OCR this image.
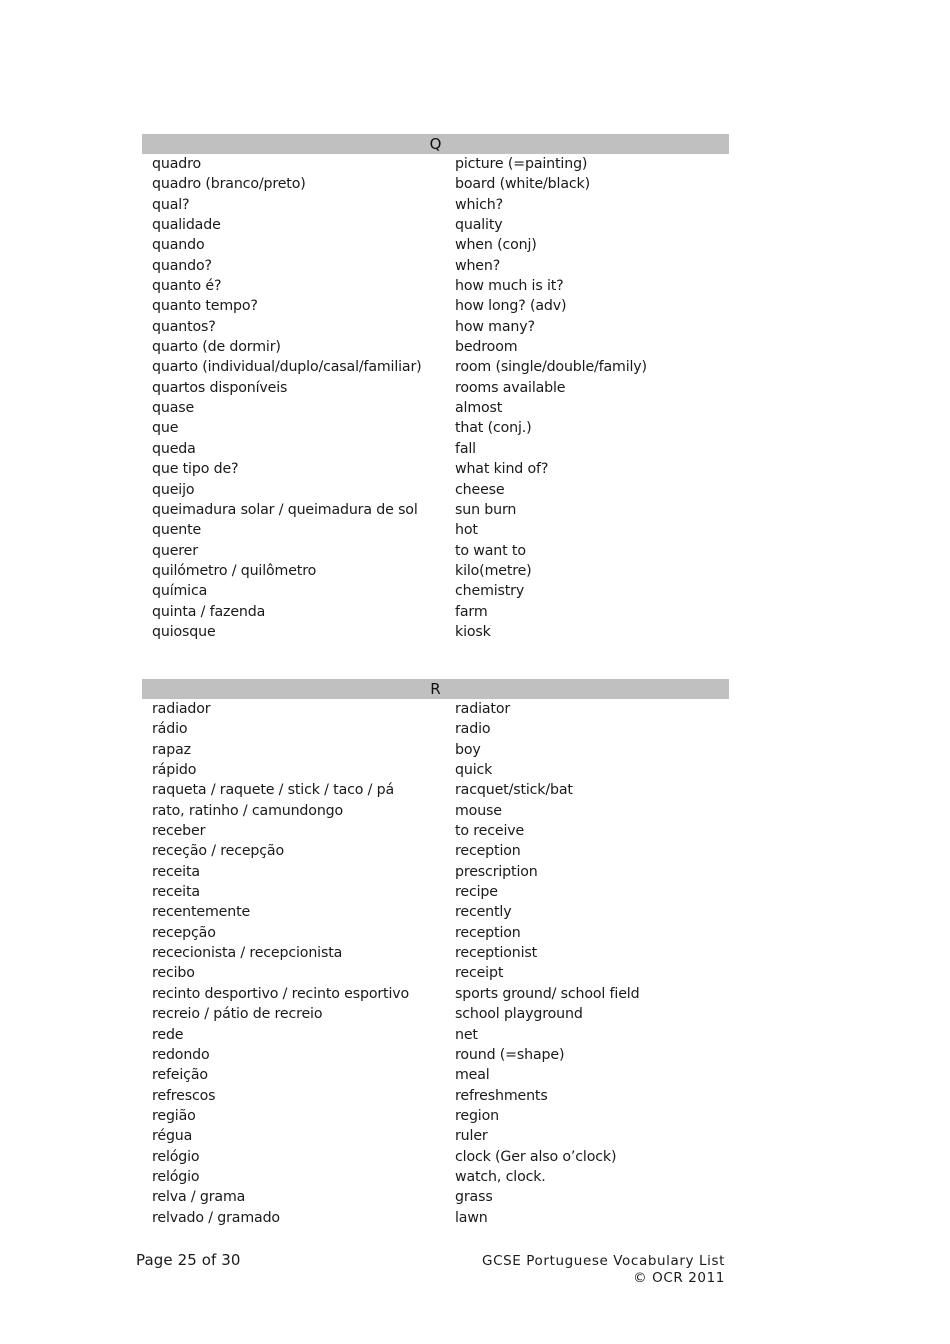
Q
quadro	picture (=painting)
quadro (branco/preto)	board (white/black)
qual?	which?
qualidade	quality
quando	when (conj)
quando?	when?
quanto é?	how much is it?
quanto tempo?	how long? (adv)
quantos?	how many?
quarto (de dormir)	bedroom
quarto (individual/duplo/casal/familiar)	room (single/double/family)
quartos disponíveis	rooms available
quase	almost
que	that (conj.)
queda	fall
que tipo de?	what kind of?
queijo	cheese
queimadura solar / queimadura de sol	sun burn
quente	hot
querer	to want to
quilómetro / quilômetro	kilo(metre)
química	chemistry
quinta / fazenda	farm
quiosque	kiosk
R
radiador	radiator
rádio	radio
rapaz	boy
rápido	quick
raqueta / raquete / stick / taco / pá	racquet/stick/bat
rato, ratinho / camundongo	mouse
receber	to receive
receção / recepção	reception
receita	prescription
receita	recipe
recentemente	recently
recepção	reception
rececionista / recepcionista	receptionist
recibo	receipt
recinto desportivo / recinto esportivo	sports ground/ school field
recreio / pátio de recreio	school playground
rede	net
redondo	round (=shape)
refeição	meal
refrescos	refreshments
região	region
régua	ruler
relógio	clock (Ger also o’clock)
relógio	watch, clock.
relva / grama	grass
relvado / gramado	lawn
Page 25 of 30	GCSE Portuguese Vocabulary List
© OCR 2011
